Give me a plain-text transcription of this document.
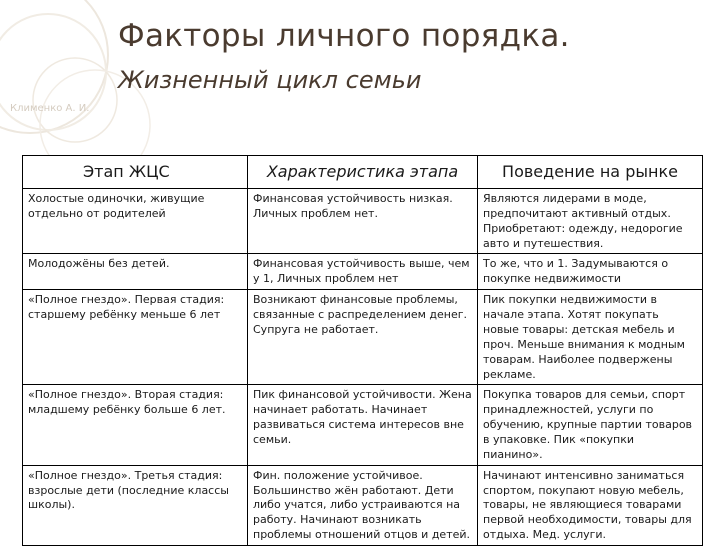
Клименко А. И.
Факторы личного порядка.
Жизненный цикл семьи
Этап ЖЦС	Характеристика этапа	Поведение на рынке
Холостые одиночки, живущие отдельно от родителей	Финансовая устойчивость низкая. Личных проблем нет.	Являются лидерами в моде, предпочитают активный отдых. Приобретают: одежду, недорогие авто и путешествия.
Молодожёны без детей.	Финансовая устойчивость выше, чем у 1, Личных проблем нет	То же, что и 1. Задумываются о покупке недвижимости
«Полное гнездо». Первая стадия: старшему ребёнку меньше 6 лет	Возникают финансовые проблемы, связанные с распределением денег. Супруга не работает.	Пик покупки недвижимости в начале этапа. Хотят покупать новые товары: детская мебель и проч. Меньше внимания к модным товарам. Наиболее подвержены рекламе.
«Полное гнездо». Вторая стадия: младшему ребёнку больше 6 лет.	Пик финансовой устойчивости. Жена начинает работать. Начинает развиваться система интересов вне семьи.	Покупка товаров для семьи, спорт принадлежностей, услуги по обучению, крупные партии товаров в упаковке. Пик «покупки пианино».
«Полное гнездо». Третья стадия: взрослые дети (последние классы школы).	Фин. положение устойчивое. Большинство жён работают. Дети либо учатся, либо устраиваются на работу. Начинают возникать проблемы отношений отцов и детей.	Начинают интенсивно заниматься спортом, покупают новую мебель, товары, не являющиеся товарами первой необходимости, товары для отдыха. Мед. услуги.
